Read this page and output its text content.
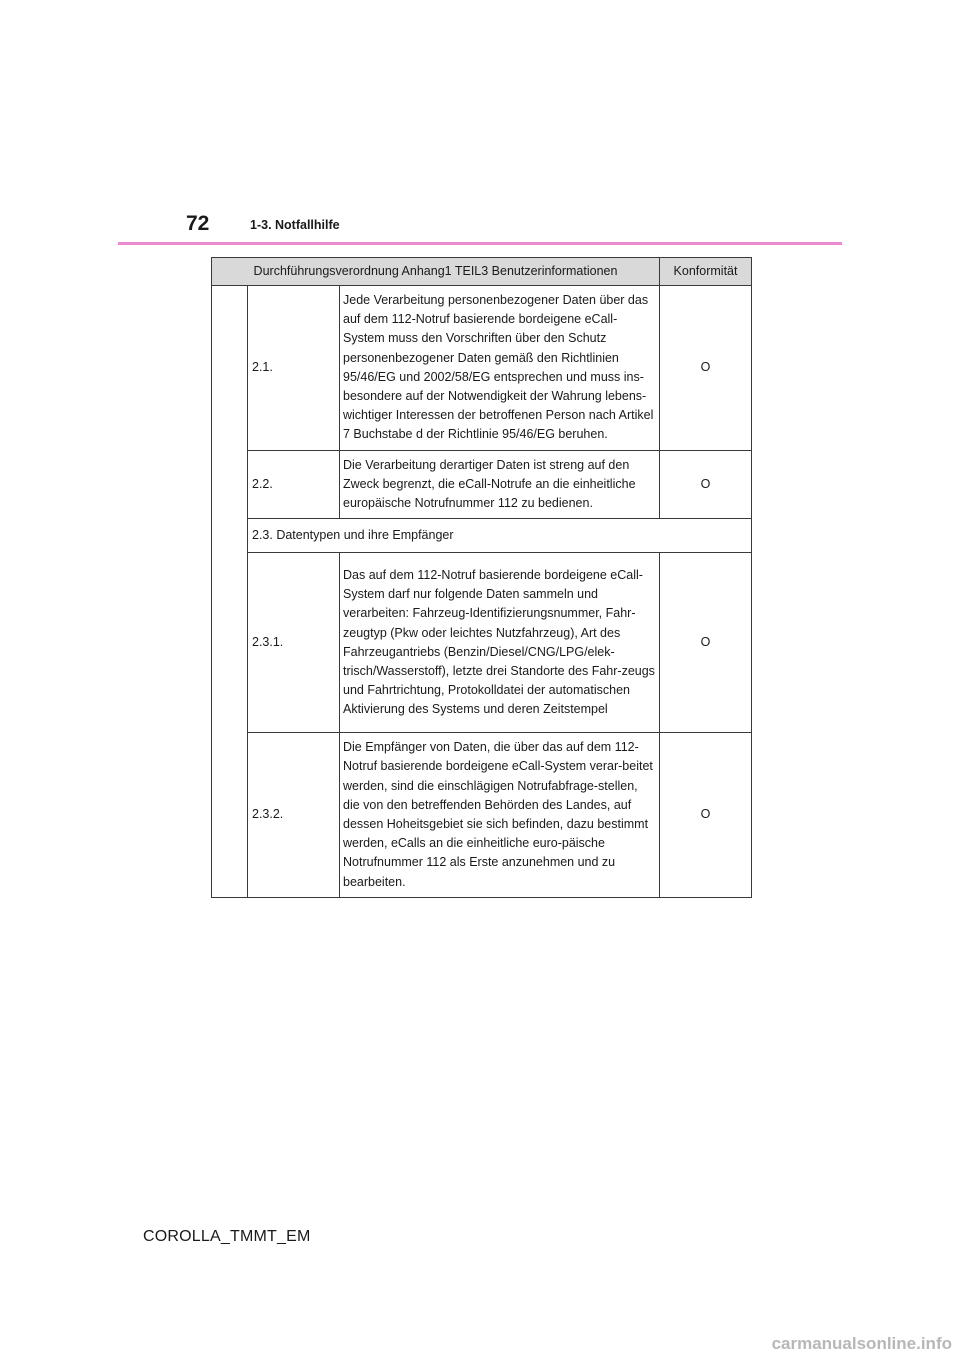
72	1-3. Notfallhilfe
Durchführungsverordnung Anhang1 TEIL3 Benutzerinformationen			Konformität
	2.1.	Jede Verarbeitung personenbezogener Daten über das auf dem 112-Notruf basierende bordeigene eCall-System muss den Vorschriften über den Schutz personenbezogener Daten gemäß den Richtlinien 95/46/EG und 2002/58/EG entsprechen und muss ins-besondere auf der Notwendigkeit der Wahrung lebens-wichtiger Interessen der betroffenen Person nach Artikel 7 Buchstabe d der Richtlinie 95/46/EG beruhen.	O
	2.2.	Die Verarbeitung derartiger Daten ist streng auf den Zweck begrenzt, die eCall-Notrufe an die einheitliche europäische Notrufnummer 112 zu bedienen.	O
	2.3. Datentypen und ihre Empfänger		
	2.3.1.	Das auf dem 112-Notruf basierende bordeigene eCall-System darf nur folgende Daten sammeln und verarbeiten: Fahrzeug-Identifizierungsnummer, Fahr-zeugtyp (Pkw oder leichtes Nutzfahrzeug), Art des Fahrzeugantriebs (Benzin/Diesel/CNG/LPG/elek-trisch/Wasserstoff), letzte drei Standorte des Fahr-zeugs und Fahrtrichtung, Protokolldatei der automatischen Aktivierung des Systems und deren Zeitstempel	O
	2.3.2.	Die Empfänger von Daten, die über das auf dem 112-Notruf basierende bordeigene eCall-System verar-beitet werden, sind die einschlägigen Notrufabfrage-stellen, die von den betreffenden Behörden des Landes, auf dessen Hoheitsgebiet sie sich befinden, dazu bestimmt werden, eCalls an die einheitliche euro-päische Notrufnummer 112 als Erste anzunehmen und zu bearbeiten.	O
COROLLA_TMMT_EM
carmanualsonline.info
